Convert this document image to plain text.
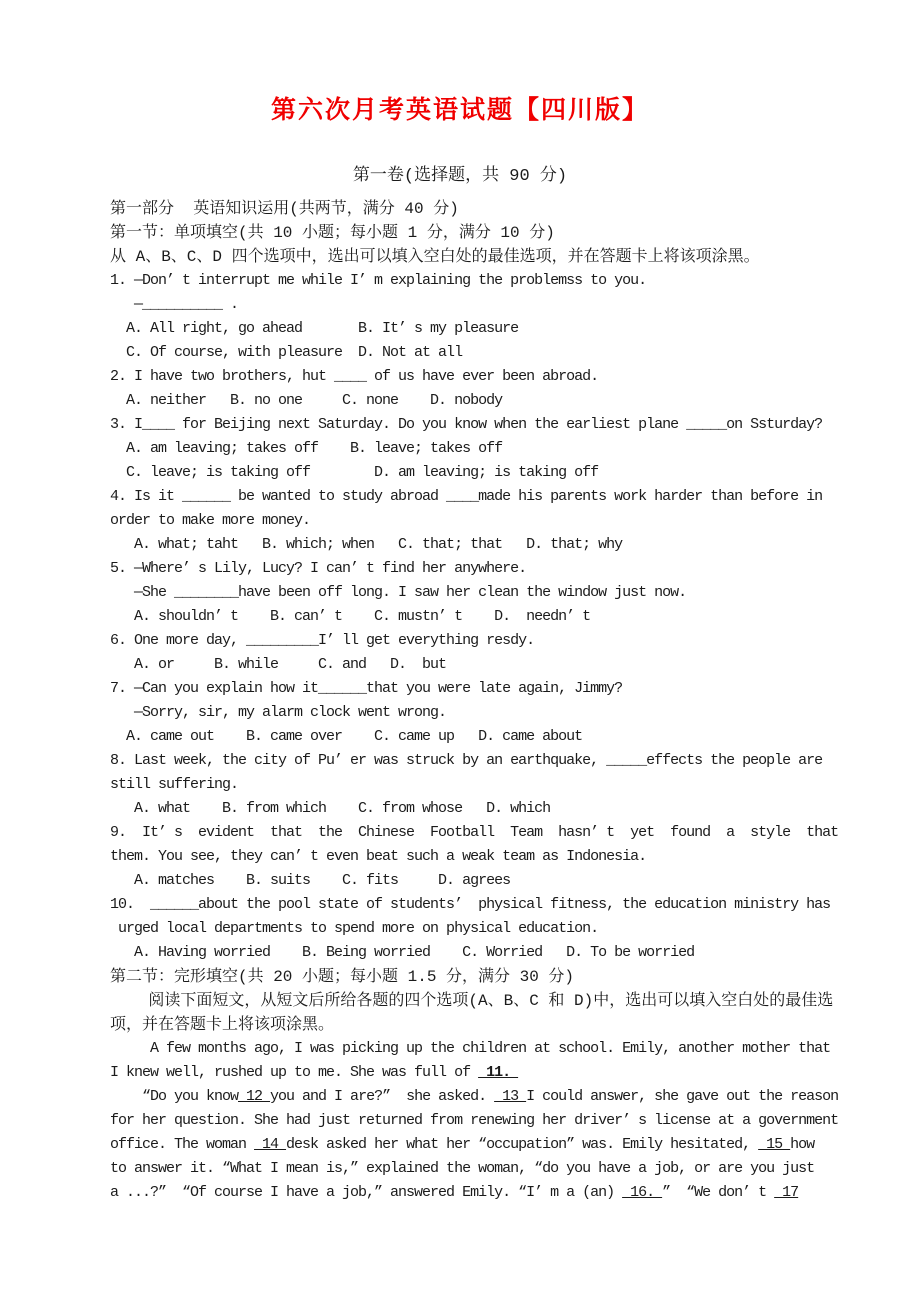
第六次月考英语试题【四川版】
第一卷(选择题，共 90 分)
第一部分  英语知识运用(共两节，满分 40 分)
第一节：单项填空(共 10 小题；每小题 1 分，满分 10 分)
从 A、B、C、D 四个选项中，选出可以填入空白处的最佳选项，并在答题卡上将该项涂黑。
1. —Don’ t interrupt me while I’ m explaining the problemss to you.
—__________ .
A. All right, go ahead       B. It’ s my pleasure
C. Of course, with pleasure  D. Not at all
2. I have two brothers, hut ____ of us have ever been abroad.
A. neither   B. no one     C. none    D. nobody
3. I____ for Beijing next Saturday. Do you know when the earliest plane _____on Ssturday?
A. am leaving; takes off    B. leave; takes off
C. leave; is taking off        D. am leaving; is taking off
4. Is it ______ be wanted to study abroad ____made his parents work harder than before in
order to make more money.
A. what; taht   B. which; when   C. that; that   D. that; why
5. —Where’ s Lily, Lucy? I can’ t find her anywhere.
—She ________have been off long. I saw her clean the window just now.
A. shouldn’ t    B. can’ t    C. mustn’ t    D.  needn’ t
6. One more day, _________I’ ll get everything resdy.
A. or     B. while     C. and   D.  but
7. —Can you explain how it______that you were late again, Jimmy?
—Sorry, sir, my alarm clock went wrong.
A. came out    B. came over    C. came up   D. came about
8. Last week, the city of Pu’ er was struck by an earthquake, _____effects the people are
still suffering.
A. what    B. from which    C. from whose   D. which
9.  It’ s  evident  that  the  Chinese  Football  Team  hasn’ t  yet  found  a  style  that
them. You see, they can’ t even beat such a weak team as Indonesia.
A. matches    B. suits    C. fits     D. agrees
10.  ______about the pool state of students’  physical fitness, the education ministry has
urged local departments to spend more on physical education.
A. Having worried    B. Being worried    C. Worried   D. To be worried
第二节：完形填空(共 20 小题；每小题 1.5 分，满分 30 分)
阅读下面短文，从短文后所给各题的四个选项(A、B、C 和 D)中，选出可以填入空白处的最佳选
项，并在答题卡上将该项涂黑。
A few months ago, I was picking up the children at school. Emily, another mother that
I knew well, rushed up to me. She was full of  11.
“Do you know 12 you and I are?”  she asked.  13 I could answer, she gave out the reason
for her question. She had just returned from renewing her driver’ s license at a government
office. The woman  14 desk asked her what her “occupation” was. Emily hesitated,  15 how
to answer it. “What I mean is,” explained the woman, “do you have a job, or are you just
a ...?”  “Of course I have a job,” answered Emily. “I’ m a (an)  16. ”  “We don’ t  17
